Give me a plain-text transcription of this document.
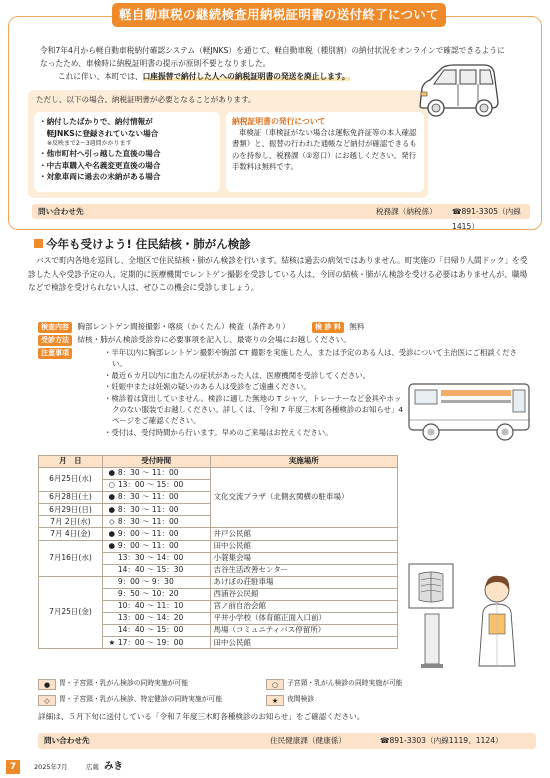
軽自動車税の継続検査用納税証明書の送付終了について

令和7年4月から軽自動車税納付確認システム（軽JNKS）を通じて、軽自動車税（種別割）の納付状況をオンラインで確認できるようになったため、車検時に納税証明書の提示が原則不要となりました。

これに伴い、本町では、口座振替で納付した人への納税証明書の発送を廃止します。

ただし、以下の場合、納税証明書が必要となることがあります。
・納付したばかりで、納付情報が
　軽JNKSに登録されていない場合
※反映まで2〜3週間かかります
・他市町村へ引っ越した直後の場合
・中古車購入や名義変更直後の場合
・対象車両に過去の未納がある場合
納税証明書の発行について
車検証（車検証がない場合は運転免許証等の本人確認書類）と、振替の行われた通帳など納付が確認できるものを持参し、税務課（①窓口）にお越しください。発行手数料は無料です。
問い合わせ先	税務課（納税係） ☎891-3305（内線1415）
今年も受けよう! 住民結核・肺がん検診
バスで町内各地を巡回し、全地区で住民結核・肺がん検診を行います。結核は過去の病気ではありません。町実施の「日帰り人間ドック」を受診した人や受診予定の人、定期的に医療機関でレントゲン撮影を受診している人は、今回の結核・肺がん検診を受ける必要はありませんが、職場などで検診を受けられない人は、ぜひこの機会に受診しましょう。
検査内容 胸部レントゲン間接撮影・喀痰（かくたん）検査（条件あり）	検 診 料 無料
受診方法 結核・肺がん検診受診券に必要事項を記入し、最寄りの会場にお越しください。
注意事項	・半年以内に胸部レントゲン撮影や胸部 CT 撮影を実施した人、または予定のある人は、受診について主治医にご相談ください。
・最近６カ月以内に血たんの症状があった人は、医療機関を受診してください。
・妊娠中または妊娠の疑いのある人は受診をご遠慮ください。
・検診着は貸出していません。検診に適した無地の T シャツ、トレーナーなど金具やホックのない服装でお越しください。詳しくは、「令和 7 年度三木町各種検診のお知らせ」4 ページをご確認ください。
・受付は、受付時間から行います。早めのご来場はお控えください。
月　日	受付時間	実施場所
6月25日(水)	● 8：30 ～ 11：00	文化交流プラザ（北側玄関横の駐車場）
	○ 13：00 ～ 15：00	
6月28日(土)	● 8：30 ～ 11：00	
6月29日(日)	● 8：30 ～ 11：00	
7月 2日(水)	◇ 8：30 ～ 11：00	
7月 4日(金)	● 9：00 ～ 11：00	井戸公民館
7月16日(水)	● 9：00 ～ 11：00	田中公民館
	13：30 ～ 14：00	小蓑集会場
	14：40 ～ 15：30	吉谷生活改善センター
7月25日(金)	9：00 ～ 9：30	あけぼの荘駐車場
	9：50 ～ 10：20	西浦谷公民館
	10：40 ～ 11：10	宮ノ前自治会館
	13：00 ～ 14：20	平井小学校（体育館正面入口前）
	14：40 ～ 15：00	馬場（コミュニティバス停留所）
	★ 17：00 ～ 19：00	田中公民館
● 胃・子宮頸・乳がん検診の同時実施が可能	○ 子宮頸・乳がん検診の同時実施が可能
◇ 胃・子宮頸・乳がん検診、特定健診の同時実施が可能	★ 夜間検診
詳細は、５月下旬に送付している「令和７年度三木町各種検診のお知らせ」をご確認ください。
問い合わせ先	住民健康課（健康係）	☎891-3303（内線1119、1124）
7	2025年7月	広報 みき
